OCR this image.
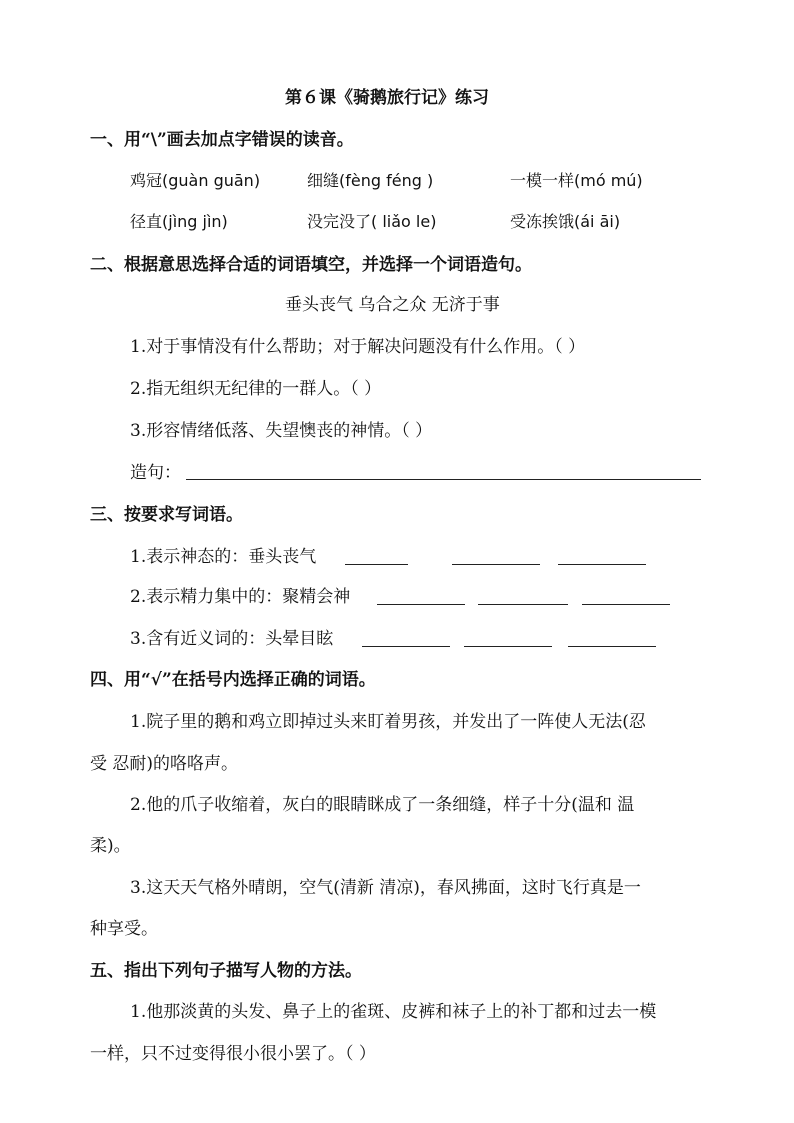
第６课《骑鹅旅行记》练习
一、用“\”画去加点字错误的读音。
鸡冠(guàn guān)	细缝(fèng féng )	一模一样(mó mú)
径直(jìng jìn)	没完没了( liǎo le)	受冻挨饿(ái āi)
二、根据意思选择合适的词语填空，并选择一个词语造句。
垂头丧气 乌合之众 无济于事
1.对于事情没有什么帮助；对于解决问题没有什么作用。（ ）
2.指无组织无纪律的一群人。（ ）
3.形容情绪低落、失望懊丧的神情。（ ）
造句：
三、按要求写词语。
1.表示神态的：垂头丧气
2.表示精力集中的：聚精会神
3.含有近义词的：头晕目眩
四、用“√”在括号内选择正确的词语。
1.院子里的鹅和鸡立即掉过头来盯着男孩，并发出了一阵使人无法(忍
受 忍耐)的咯咯声。
2.他的爪子收缩着，灰白的眼睛眯成了一条细缝，样子十分(温和 温
柔)。
3.这天天气格外晴朗，空气(清新 清凉)，春风拂面，这时飞行真是一
种享受。
五、指出下列句子描写人物的方法。
1.他那淡黄的头发、鼻子上的雀斑、皮裤和袜子上的补丁都和过去一模
一样，只不过变得很小很小罢了。（ ）
